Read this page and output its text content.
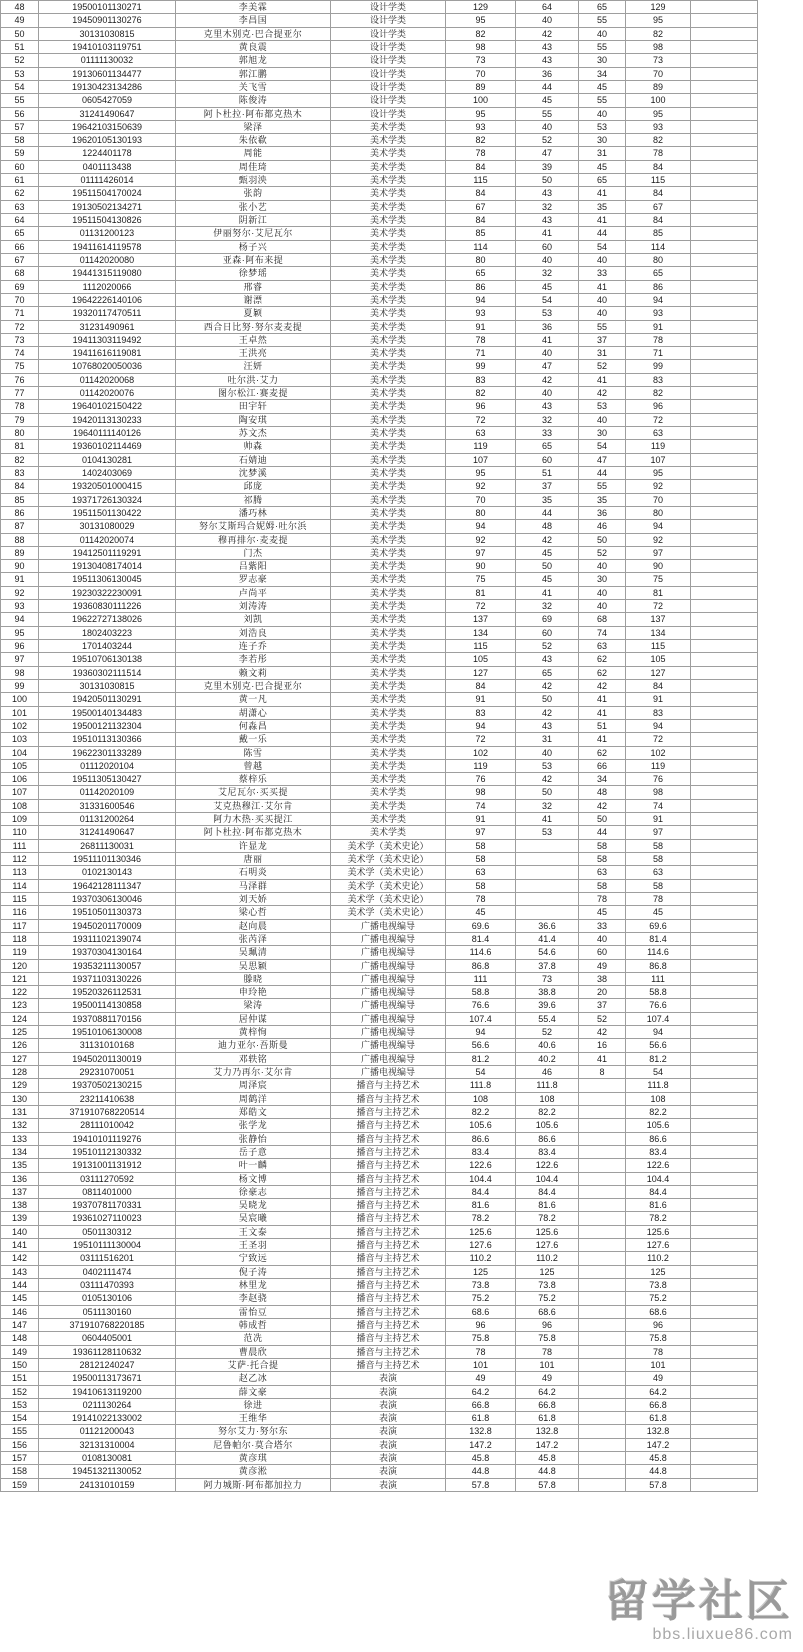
48	19500101130271	李美霖	设计学类	129	64	65	129	
49	19450901130276	李昌国	设计学类	95	40	55	95	
50	30131030815	克里木别克·巴合提亚尔	设计学类	82	42	40	82	
51	19410103119751	黄良震	设计学类	98	43	55	98	
52	01111130032	郭旭龙	设计学类	73	43	30	73	
53	19130601134477	郭江鹏	设计学类	70	36	34	70	
54	19130423134286	关飞雪	设计学类	89	44	45	89	
55	0605427059	陈俊涛	设计学类	100	45	55	100	
56	31241490647	阿卜杜拉·阿布都克热木	设计学类	95	55	40	95	
57	19642103150639	梁泽	美术学类	93	40	53	93	
58	19620105130193	朱依欷	美术学类	82	52	30	82	
59	1224401178	周能	美术学类	78	47	31	78	
60	0401113438	周佳琦	美术学类	84	39	45	84	
61	01111426014	甄羽泱	美术学类	115	50	65	115	
62	19511504170024	张韵	美术学类	84	43	41	84	
63	19130502134271	张小艺	美术学类	67	32	35	67	
64	19511504130826	阴新江	美术学类	84	43	41	84	
65	01131200123	伊丽努尔·艾尼瓦尔	美术学类	85	41	44	85	
66	19411614119578	杨子兴	美术学类	114	60	54	114	
67	01142020080	亚森·阿布来提	美术学类	80	40	40	80	
68	19441315119080	徐梦瑶	美术学类	65	32	33	65	
69	1112020066	邢睿	美术学类	86	45	41	86	
70	19642226140106	谢漂	美术学类	94	54	40	94	
71	19320117470511	夏颖	美术学类	93	53	40	93	
72	31231490961	西合日比努·努尔麦麦提	美术学类	91	36	55	91	
73	19411303119492	王卓然	美术学类	78	41	37	78	
74	19411616119081	王洪亮	美术学类	71	40	31	71	
75	10768020050036	汪妍	美术学类	99	47	52	99	
76	01142020068	吐尔洪·艾力	美术学类	83	42	41	83	
77	01142020076	图尔松江·赛麦提	美术学类	82	40	42	82	
78	19640102150422	田宇轩	美术学类	96	43	53	96	
79	19420113130233	陶安琪	美术学类	72	32	40	72	
80	19640111140126	苏文杰	美术学类	63	33	30	63	
81	19360102114469	帅森	美术学类	119	65	54	119	
82	0104130281	石婧迪	美术学类	107	60	47	107	
83	1402403069	沈梦溪	美术学类	95	51	44	95	
84	19320501000415	邱庞	美术学类	92	37	55	92	
85	19371726130324	祁腾	美术学类	70	35	35	70	
86	19511501130422	潘巧林	美术学类	80	44	36	80	
87	30131080029	努尔艾斯玛合妮姆·吐尔浜	美术学类	94	48	46	94	
88	01142020074	穆再排尔·麦麦提	美术学类	92	42	50	92	
89	19412501119291	门杰	美术学类	97	45	52	97	
90	19130408174014	吕紫阳	美术学类	90	50	40	90	
91	19511306130045	罗志豪	美术学类	75	45	30	75	
92	19230322230091	卢尚平	美术学类	81	41	40	81	
93	19360830111226	刘涛涛	美术学类	72	32	40	72	
94	19622727138026	刘凯	美术学类	137	69	68	137	
95	1802403223	刘浩良	美术学类	134	60	74	134	
96	1701403244	连子乔	美术学类	115	52	63	115	
97	19510706130138	李若彤	美术学类	105	43	62	105	
98	19360302111514	赖文莉	美术学类	127	65	62	127	
99	30131030815	克里木别克·巴合提亚尔	美术学类	84	42	42	84	
100	19420501130291	黄一凡	美术学类	91	50	41	91	
101	19500140134483	胡潇心	美术学类	83	42	41	83	
102	19500121132304	何淼昌	美术学类	94	43	51	94	
103	19510113130366	戴一乐	美术学类	72	31	41	72	
104	19622301133289	陈雪	美术学类	102	40	62	102	
105	01112020104	曾越	美术学类	119	53	66	119	
106	19511305130427	蔡梓乐	美术学类	76	42	34	76	
107	01142020109	艾尼瓦尔·买买提	美术学类	98	50	48	98	
108	31331600546	艾克热穆江·艾尔肯	美术学类	74	32	42	74	
109	01131200264	阿力木热·买买提江	美术学类	91	41	50	91	
110	31241490647	阿卜杜拉·阿布都克热木	美术学类	97	53	44	97	
111	26811130031	许显龙	美术学（美术史论）	58		58	58	
112	19511101130346	唐丽	美术学（美术史论）	58		58	58	
113	0102130143	石明炎	美术学（美术史论）	63		63	63	
114	19642128111347	马泽群	美术学（美术史论）	58		58	58	
115	19370306130046	刘天娇	美术学（美术史论）	78		78	78	
116	19510501130373	梁心哲	美术学（美术史论）	45		45	45	
117	19450201170009	赵向晨	广播电视编导	69.6	36.6	33	69.6	
118	19311102139074	张芮泽	广播电视编导	81.4	41.4	40	81.4	
119	19370304130164	吴珮清	广播电视编导	114.6	54.6	60	114.6	
120	19353211130057	吴思颖	广播电视编导	86.8	37.8	49	86.8	
121	19371103130226	滕晓	广播电视编导	111	73	38	111	
122	19520326112531	申玲艳	广播电视编导	58.8	38.8	20	58.8	
123	19500114130858	梁涛	广播电视编导	76.6	39.6	37	76.6	
124	19370881170156	居仲谋	广播电视编导	107.4	55.4	52	107.4	
125	19510106130008	黄梓恂	广播电视编导	94	52	42	94	
126	31131010168	迪力亚尔·吾斯曼	广播电视编导	56.6	40.6	16	56.6	
127	19450201130019	邓轶铭	广播电视编导	81.2	40.2	41	81.2	
128	29231070051	艾力乃再尔·艾尔肯	广播电视编导	54	46	8	54	
129	19370502130215	周泽宸	播音与主持艺术	111.8	111.8		111.8	
130	23211410638	周鹤洋	播音与主持艺术	108	108		108	
131	371910768220514	郑皓文	播音与主持艺术	82.2	82.2		82.2	
132	28111010042	张学龙	播音与主持艺术	105.6	105.6		105.6	
133	19410101119276	张静怡	播音与主持艺术	86.6	86.6		86.6	
134	19510112130332	岳子意	播音与主持艺术	83.4	83.4		83.4	
135	19131001131912	叶一麟	播音与主持艺术	122.6	122.6		122.6	
136	03111270592	杨文博	播音与主持艺术	104.4	104.4		104.4	
137	0811401000	徐豪志	播音与主持艺术	84.4	84.4		84.4	
138	19370781170331	吴晓龙	播音与主持艺术	81.6	81.6		81.6	
139	19361027110023	吴宸曦	播音与主持艺术	78.2	78.2		78.2	
140	0501130312	王文泰	播音与主持艺术	125.6	125.6		125.6	
141	19510111130004	王圣羽	播音与主持艺术	127.6	127.6		127.6	
142	03111516201	宁致远	播音与主持艺术	110.2	110.2		110.2	
143	0402111474	倪子涛	播音与主持艺术	125	125		125	
144	03111470393	林里龙	播音与主持艺术	73.8	73.8		73.8	
145	0105130106	李赵骁	播音与主持艺术	75.2	75.2		75.2	
146	0511130160	雷怡豆	播音与主持艺术	68.6	68.6		68.6	
147	371910768220185	韩成哲	播音与主持艺术	96	96		96	
148	0604405001	范冼	播音与主持艺术	75.8	75.8		75.8	
149	19361128110632	曹晨欣	播音与主持艺术	78	78		78	
150	28121240247	艾萨·托合提	播音与主持艺术	101	101		101	
151	19500113173671	赵乙冰	表演	49	49		49	
152	19410613119200	薛文豪	表演	64.2	64.2		64.2	
153	0211130264	徐进	表演	66.8	66.8		66.8	
154	19141022133002	王维华	表演	61.8	61.8		61.8	
155	01121200043	努尔艾力·努尔东	表演	132.8	132.8		132.8	
156	32131310004	尼鲁帕尔·莫合塔尔	表演	147.2	147.2		147.2	
157	0108130081	黄彦琪	表演	45.8	45.8		45.8	
158	19451321130052	黄彦淞	表演	44.8	44.8		44.8	
159	24131010159	阿力城斯·阿布都加拉力	表演	57.8	57.8		57.8	
留学社区
bbs.liuxue86.com
